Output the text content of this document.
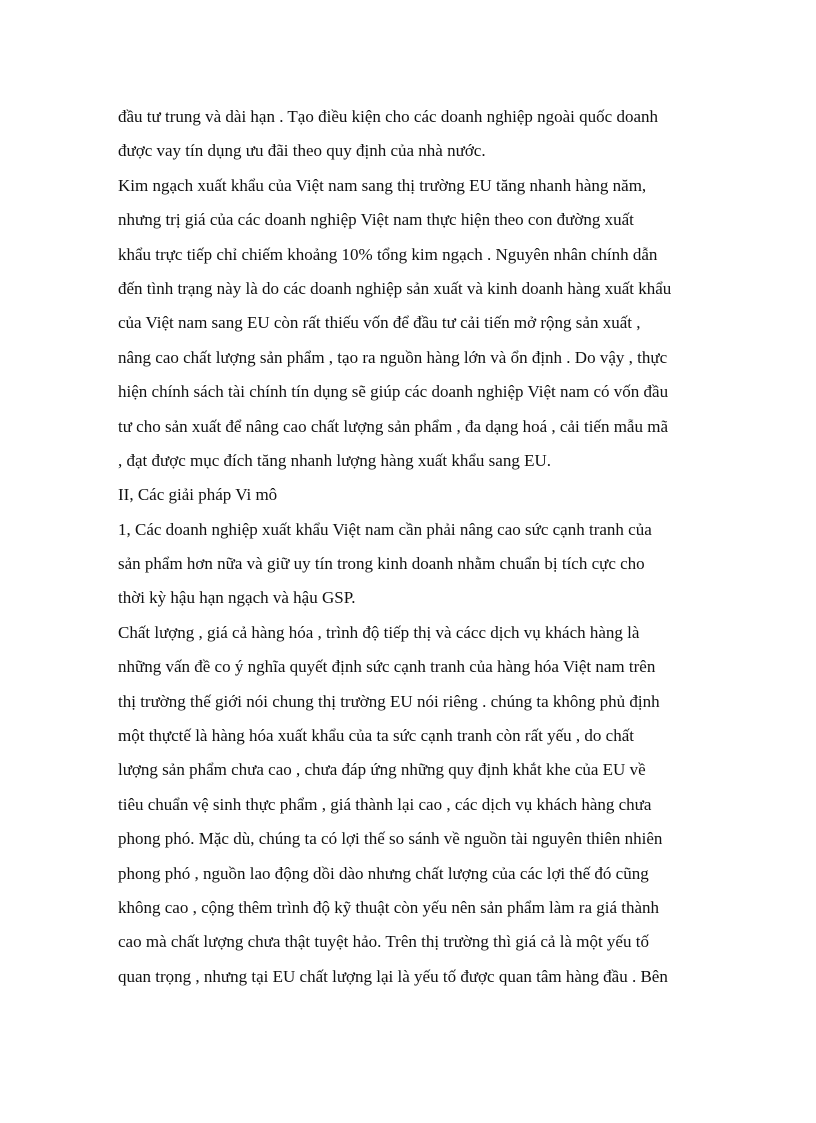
đầu tư trung và dài hạn . Tạo điều kiện cho các doanh nghiệp ngoài quốc doanh
được vay tín dụng ưu đãi theo quy định của nhà nước.
Kim ngạch xuất khẩu của Việt nam sang thị trường EU tăng nhanh hàng năm,
nhưng trị giá của các doanh nghiệp Việt nam thực hiện theo con đường xuất
khẩu trực tiếp chỉ chiếm khoảng 10% tổng kim ngạch . Nguyên nhân chính dẫn
đến tình trạng này là do các doanh nghiệp sản xuất và kinh doanh hàng xuất khẩu
của Việt nam sang EU còn rất thiếu vốn để đầu tư cải tiến mở rộng sản xuất ,
nâng cao chất lượng sản phẩm , tạo ra nguồn hàng lớn và ổn định . Do vậy , thực
hiện chính sách tài chính tín dụng sẽ giúp các doanh nghiệp Việt nam có vốn đầu
tư cho sản xuất để nâng cao chất lượng sản phẩm , đa dạng hoá , cải tiến mẫu mã
, đạt được mục đích tăng nhanh lượng hàng xuất khẩu sang EU.
II, Các giải pháp Vi mô
1, Các doanh nghiệp xuất khẩu Việt nam cần phải nâng cao sức cạnh tranh của
sản phẩm hơn nữa và giữ uy tín trong kinh doanh nhằm chuẩn bị tích cực cho
thời kỳ hậu hạn ngạch và hậu GSP.
Chất lượng , giá cả hàng hóa , trình độ tiếp thị và cácc dịch vụ khách hàng là
những vấn đề co ý nghĩa quyết định sức cạnh tranh của hàng hóa Việt nam trên
thị trường thế giới nói chung thị trường EU nói riêng . chúng ta không phủ định
một thựctế là hàng hóa xuất khẩu của ta sức cạnh tranh còn rất yếu , do chất
lượng sản phẩm chưa cao , chưa đáp ứng những quy định khắt khe của EU về
tiêu chuẩn vệ sinh thực phẩm , giá thành lại cao , các dịch vụ khách hàng chưa
phong phó. Mặc dù, chúng ta có lợi thế so sánh về nguồn tài nguyên thiên nhiên
phong phó , nguồn lao động dồi dào nhưng chất lượng của các lợi thế đó cũng
không cao , cộng thêm trình độ kỹ thuật còn yếu nên sản phẩm làm ra giá thành
cao mà chất lượng chưa thật tuyệt hảo. Trên thị trường thì giá cả là một yếu tố
quan trọng , nhưng tại EU chất lượng lại là yếu tố được quan tâm hàng đầu . Bên
